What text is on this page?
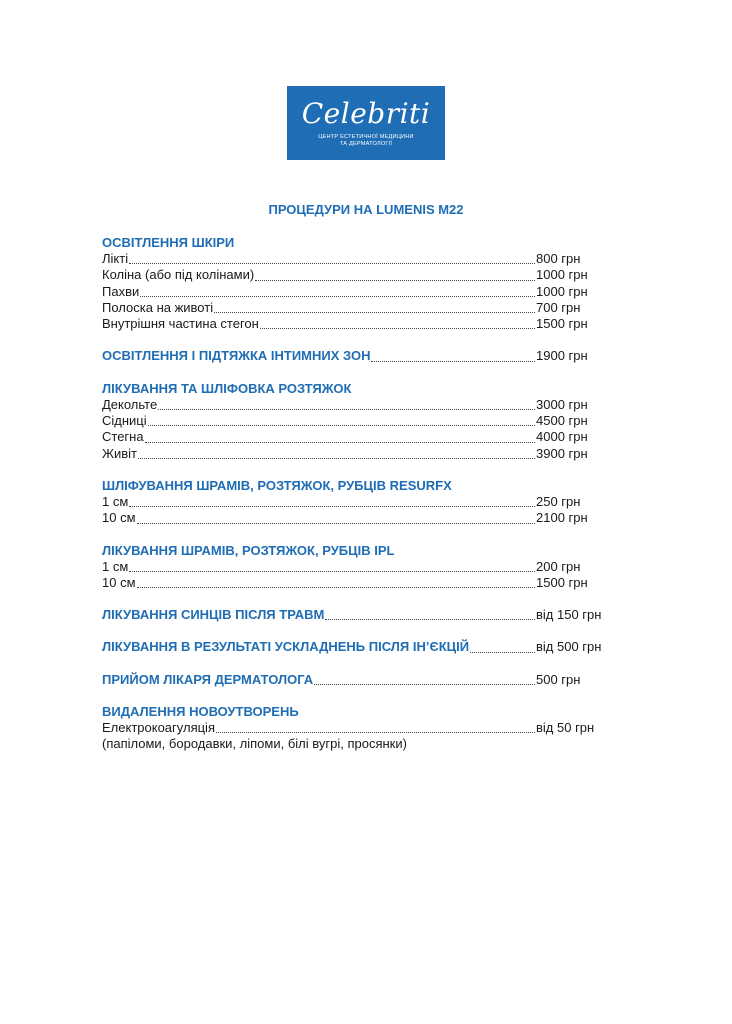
Celebriti
ЦЕНТР ЕСТЕТИЧНОЇ МЕДИЦИНИ
ТА ДЕРМАТОЛОГІЇ
ПРОЦЕДУРИ НА LUMENIS M22
ОСВІТЛЕННЯ ШКІРИ
Лікті	800 грн
Коліна (або під колінами)	1000 грн
Пахви	1000 грн
Полоска на животі	700 грн
Внутрішня частина стегон	1500 грн
ОСВІТЛЕННЯ І ПІДТЯЖКА ІНТИМНИХ ЗОН	1900 грн
ЛІКУВАННЯ ТА ШЛІФОВКА РОЗТЯЖОК
Декольте	3000 грн
Сідниці	4500 грн
Стегна	4000 грн
Живіт	3900 грн
ШЛІФУВАННЯ ШРАМІВ, РОЗТЯЖОК, РУБЦІВ RESURFX
1 см	250 грн
10 см	2100 грн
ЛІКУВАННЯ ШРАМІВ, РОЗТЯЖОК, РУБЦІВ IPL
1 см	200 грн
10 см	1500 грн
ЛІКУВАННЯ СИНЦІВ ПІСЛЯ ТРАВМ	від 150 грн
ЛІКУВАННЯ В РЕЗУЛЬТАТІ УСКЛАДНЕНЬ ПІСЛЯ ІН’ЄКЦІЙ	від 500 грн
ПРИЙОМ ЛІКАРЯ ДЕРМАТОЛОГА	500 грн
ВИДАЛЕННЯ НОВОУТВОРЕНЬ
Електрокоагуляція	від 50 грн
(папіломи, бородавки, ліпоми, білі вугрі, просянки)
